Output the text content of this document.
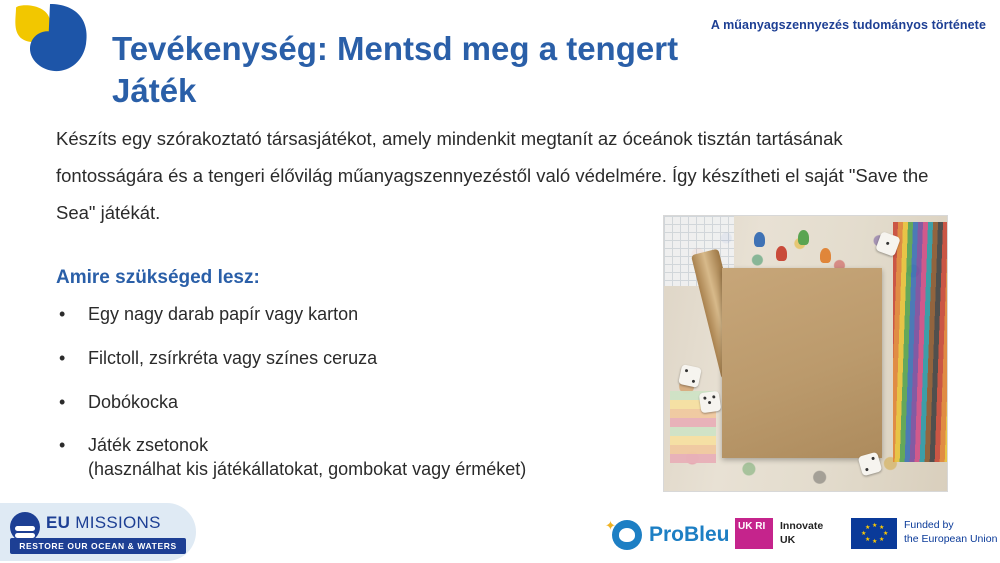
A műanyagszennyezés tudományos története
Tevékenység: Mentsd meg a tengert
Játék
Készíts egy szórakoztató társasjátékot, amely mindenkit megtanít az óceánok tisztán tartásának fontosságára és a tengeri élővilág műanyagszennyezéstől való védelmére. Így készítheti el saját "Save the Sea" játékát.
Amire szükséged lesz:
• Egy nagy darab papír vagy karton
• Filctoll, zsírkréta vagy színes ceruza
• Dobókocka
• Játék zsetonok
(használhat kis játékállatokat, gombokat vagy érméket)
EU MISSIONS
RESTORE OUR OCEAN & WATERS
✦ ProBleu UK RI	Innovate
UK
★ ★
★
★
★
★
★
★	Funded by
the European Union
